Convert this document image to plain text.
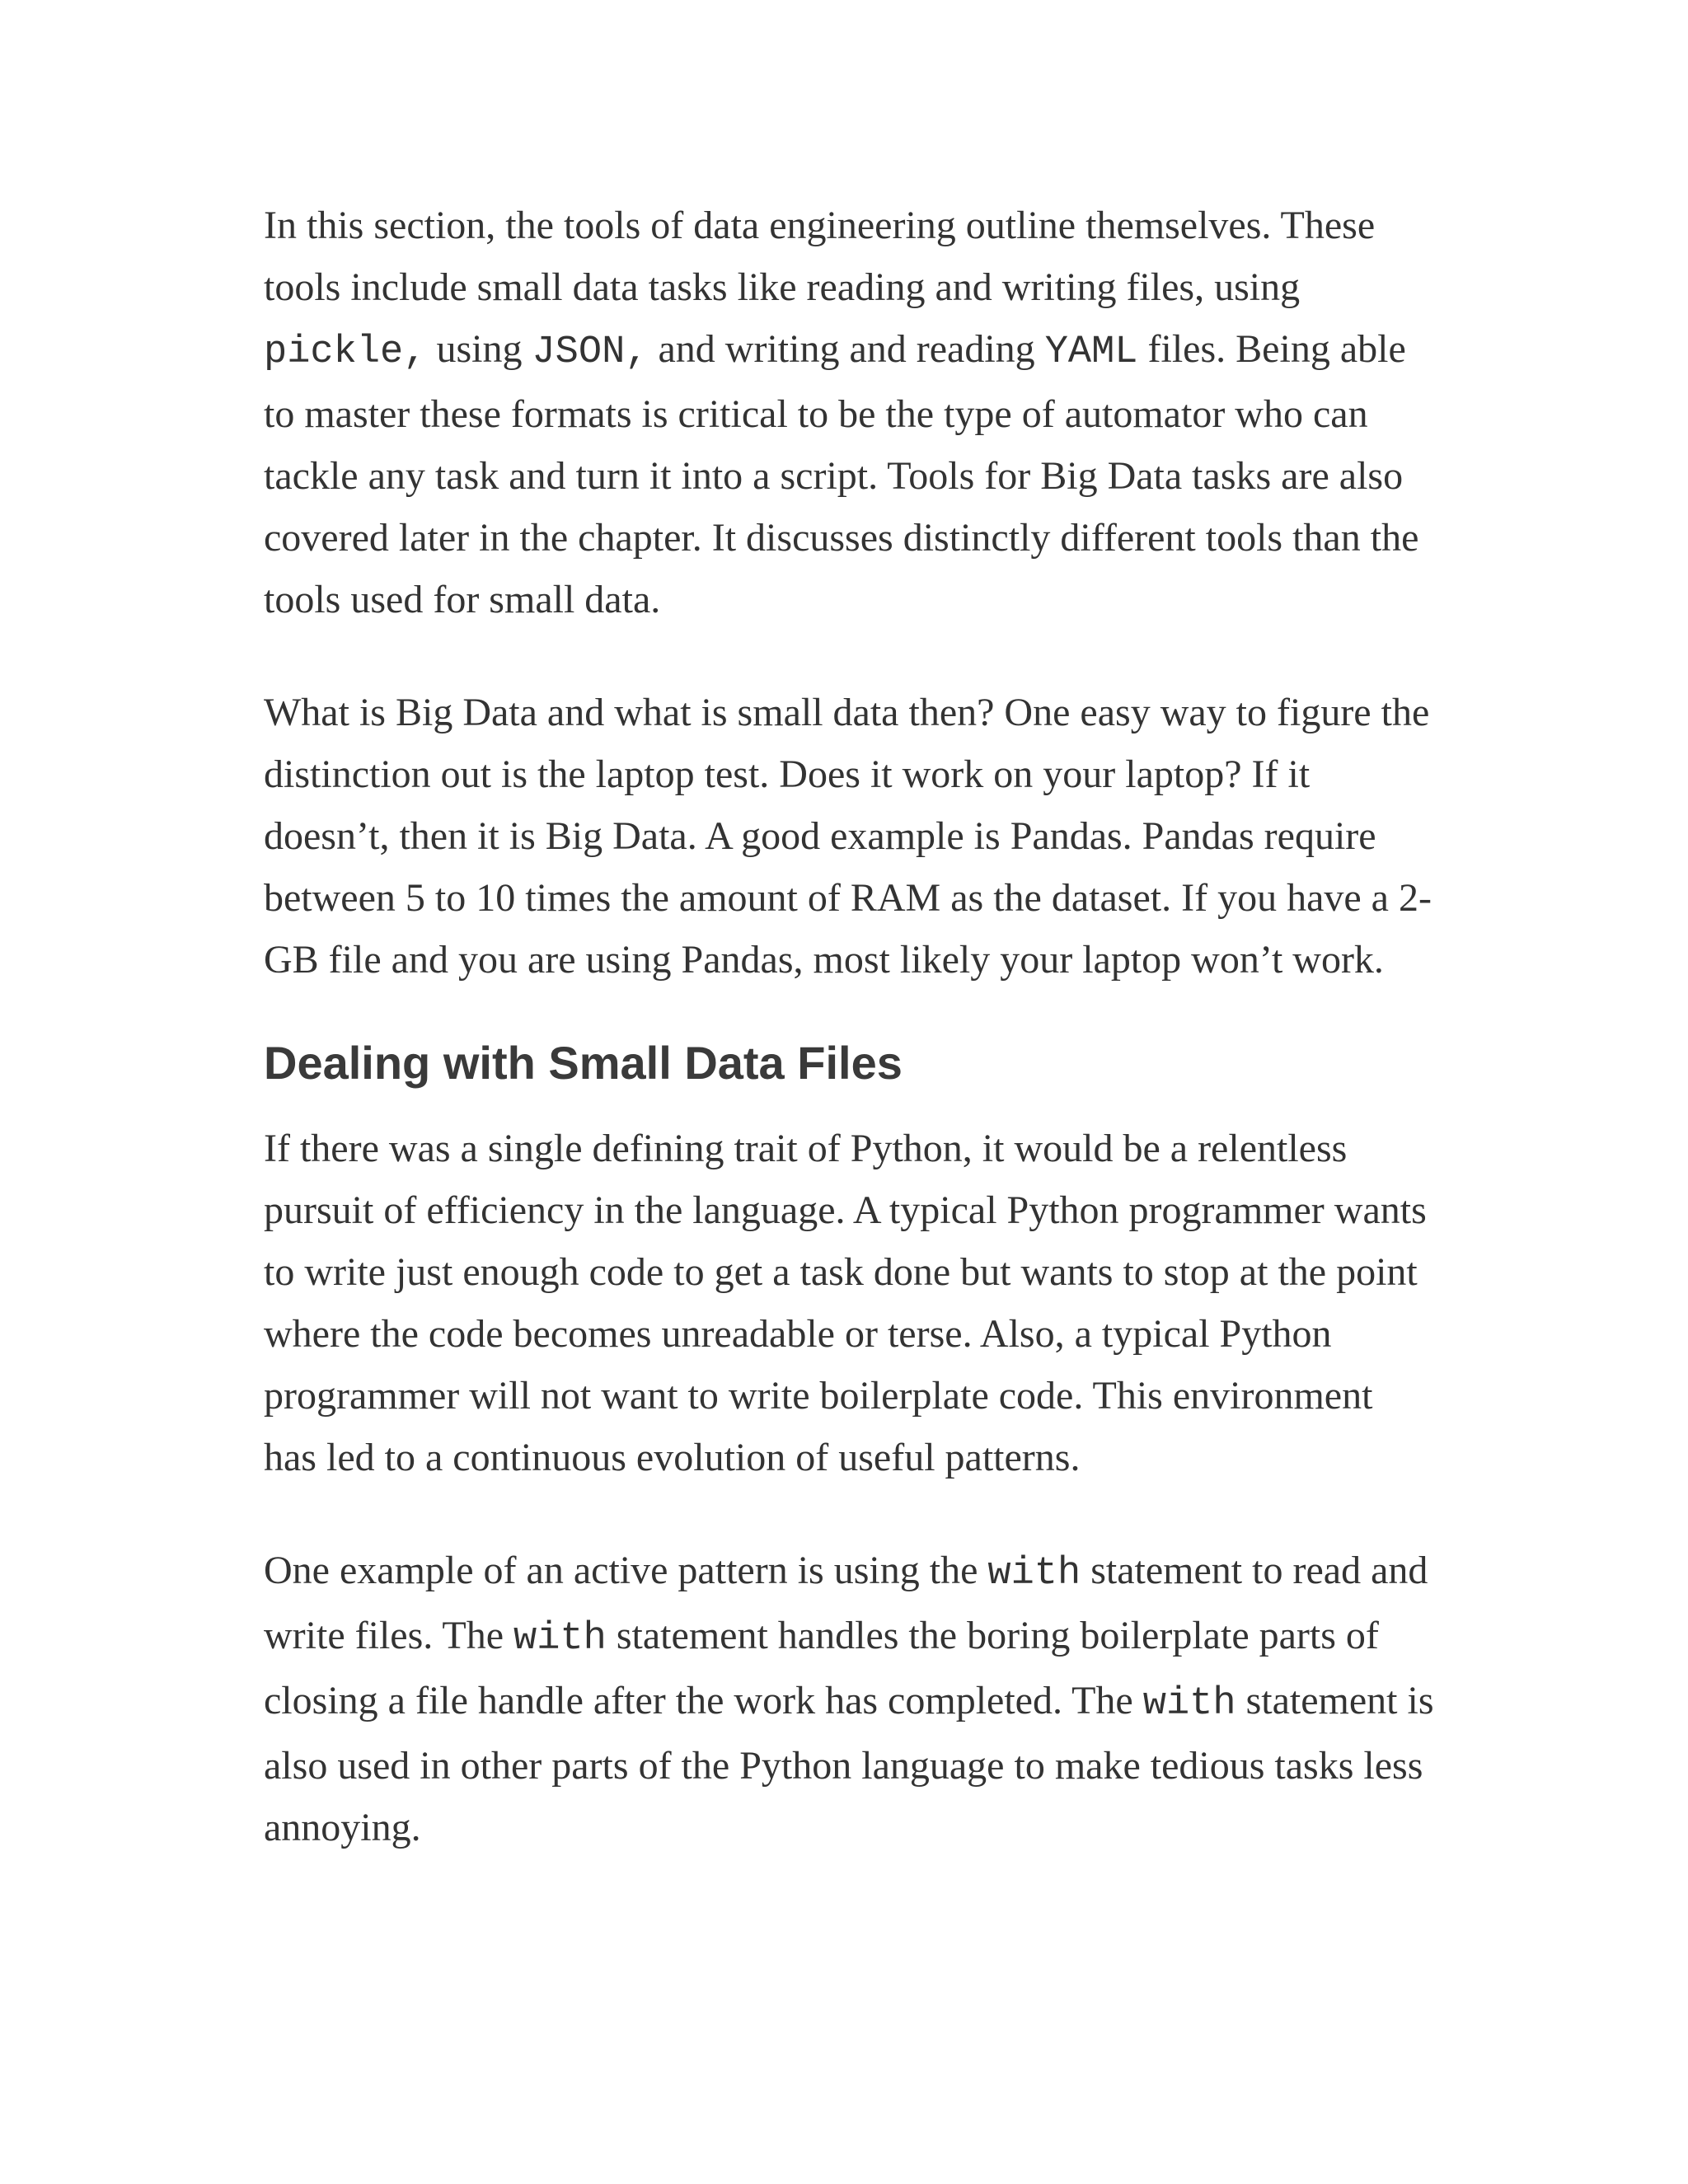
In this section, the tools of data engineering outline themselves. These tools include small data tasks like reading and writing files, using pickle, using JSON, and writing and reading YAML files. Being able to master these formats is critical to be the type of automator who can tackle any task and turn it into a script. Tools for Big Data tasks are also covered later in the chapter. It discusses distinctly different tools than the tools used for small data.

What is Big Data and what is small data then? One easy way to figure the distinction out is the laptop test. Does it work on your laptop? If it doesn’t, then it is Big Data. A good example is Pandas. Pandas require between 5 to 10 times the amount of RAM as the dataset. If you have a 2-GB file and you are using Pandas, most likely your laptop won’t work.

Dealing with Small Data Files

If there was a single defining trait of Python, it would be a relentless pursuit of efficiency in the language. A typical Python programmer wants to write just enough code to get a task done but wants to stop at the point where the code becomes unreadable or terse. Also, a typical Python programmer will not want to write boilerplate code. This environment has led to a continuous evolution of useful patterns.

One example of an active pattern is using the with statement to read and write files. The with statement handles the boring boilerplate parts of closing a file handle after the work has completed. The with statement is also used in other parts of the Python language to make tedious tasks less annoying.
